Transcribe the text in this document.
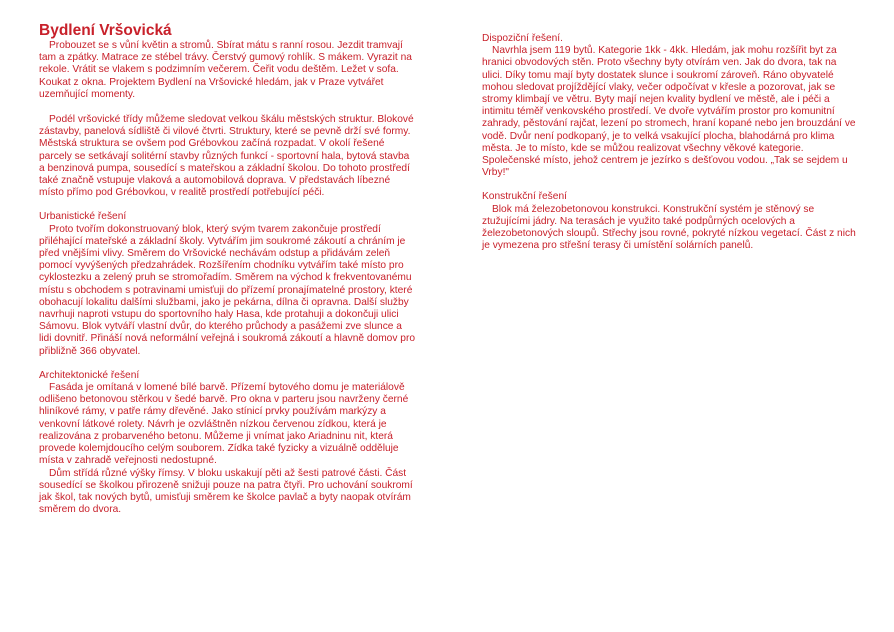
Bydlení Vršovická

Probouzet se s vůní květin a stromů. Sbírat mátu s ranní rosou. Jezdit tramvají tam a zpátky. Matrace ze stébel trávy. Čerstvý gumový rohlík. S mákem. Vyrazit na rekole. Vrátit se vlakem s podzimním večerem. Čeřit vodu deštěm. Ležet v sofa. Koukat z okna. Projektem Bydlení na Vršovické hledám, jak v Praze vytvářet uzemňující momenty.

Podél vršovické třídy můžeme sledovat velkou škálu městských struktur. Blokové zástavby, panelová sídliště či vilové čtvrti. Struktury, které se pevně drží své formy. Městská struktura se ovšem pod Grébovkou začíná rozpadat. V okolí řešené parcely se setkávají solitérní stavby různých funkcí - sportovní hala, bytová stavba a benzinová pumpa, sousedící s mateřskou a základní školou. Do tohoto prostředí také značně vstupuje vlaková a automobilová doprava. V představách líbezné místo přímo pod Grébovkou, v realitě prostředí potřebující péči.

Urbanistické řešení

Proto tvořím dokonstruovaný blok, který svým tvarem zakončuje prostředí přiléhající mateřské a základní školy. Vytvářím jim soukromé zákoutí a chráním je před vnějšími vlivy. Směrem do Vršovické nechávám odstup a přidávám zeleň pomocí vyvýšených předzahrádek. Rozšířením chodníku vytvářím také místo pro cyklostezku a zelený pruh se stromořadím. Směrem na východ k frekventovanému místu s obchodem s potravinami umisťuji do přízemí pronajímatelné prostory, které obohacují lokalitu dalšími službami, jako je pekárna, dílna či opravna. Další služby navrhuji naproti vstupu do sportovního haly Hasa, kde protahuji a dokončuji ulici Sámovu. Blok vytváří vlastní dvůr, do kterého průchody a pasážemi zve slunce a lidi dovnitř. Přináší nová neformální veřejná i soukromá zákoutí a hlavně domov pro přibližně 366 obyvatel.

Architektonické řešení

Fasáda je omítaná v lomené bílé barvě. Přízemí bytového domu je materiálově odlišeno betonovou stěrkou v šedé barvě. Pro okna v parteru jsou navrženy černé hliníkové rámy, v patře rámy dřevěné. Jako stínicí prvky používám markýzy a venkovní látkové rolety. Návrh je ozvláštněn nízkou červenou zídkou, která je realizována z probarveného betonu. Můžeme ji vnímat jako Ariadninu nit, která provede kolemjdoucího celým souborem. Zídka také fyzicky a vizuálně odděluje místa v zahradě veřejnosti nedostupné.

Dům střídá různé výšky římsy. V bloku uskakují pěti až šesti patrové části. Část sousedící se školkou přirozeně snižuji pouze na patra čtyři. Pro uchování soukromí jak škol, tak nových bytů, umisťuji směrem ke školce pavlač a byty naopak otvírám směrem do dvora.

Dispoziční řešení.

Navrhla jsem 119 bytů. Kategorie 1kk - 4kk. Hledám, jak mohu rozšířit byt za hranici obvodových stěn. Proto všechny byty otvírám ven. Jak do dvora, tak na ulici. Díky tomu mají byty dostatek slunce i soukromí zároveň. Ráno obyvatelé mohou sledovat projíždějící vlaky, večer odpočívat v křesle a pozorovat, jak se stromy klimbají ve větru. Byty mají nejen kvality bydlení ve městě, ale i péči a intimitu téměř venkovského prostředí. Ve dvoře vytvářím prostor pro komunitní zahrady, pěstování rajčat, lezení po stromech, hraní kopané nebo jen brouzdání ve vodě. Dvůr není podkopaný, je to velká vsakující plocha, blahodárná pro klima města. Je to místo, kde se můžou realizovat všechny věkové kategorie. Společenské místo, jehož centrem je jezírko s dešťovou vodou. „Tak se sejdem u Vrby!"

Konstrukční řešení

Blok má železobetonovou konstrukci. Konstrukční systém je stěnový se ztužujícími jádry. Na terasách je využito také podpůrných ocelových a železobetonových sloupů. Střechy jsou rovné, pokryté nízkou vegetací. Část z nich je vymezena pro střešní terasy či umístění solárních panelů.
